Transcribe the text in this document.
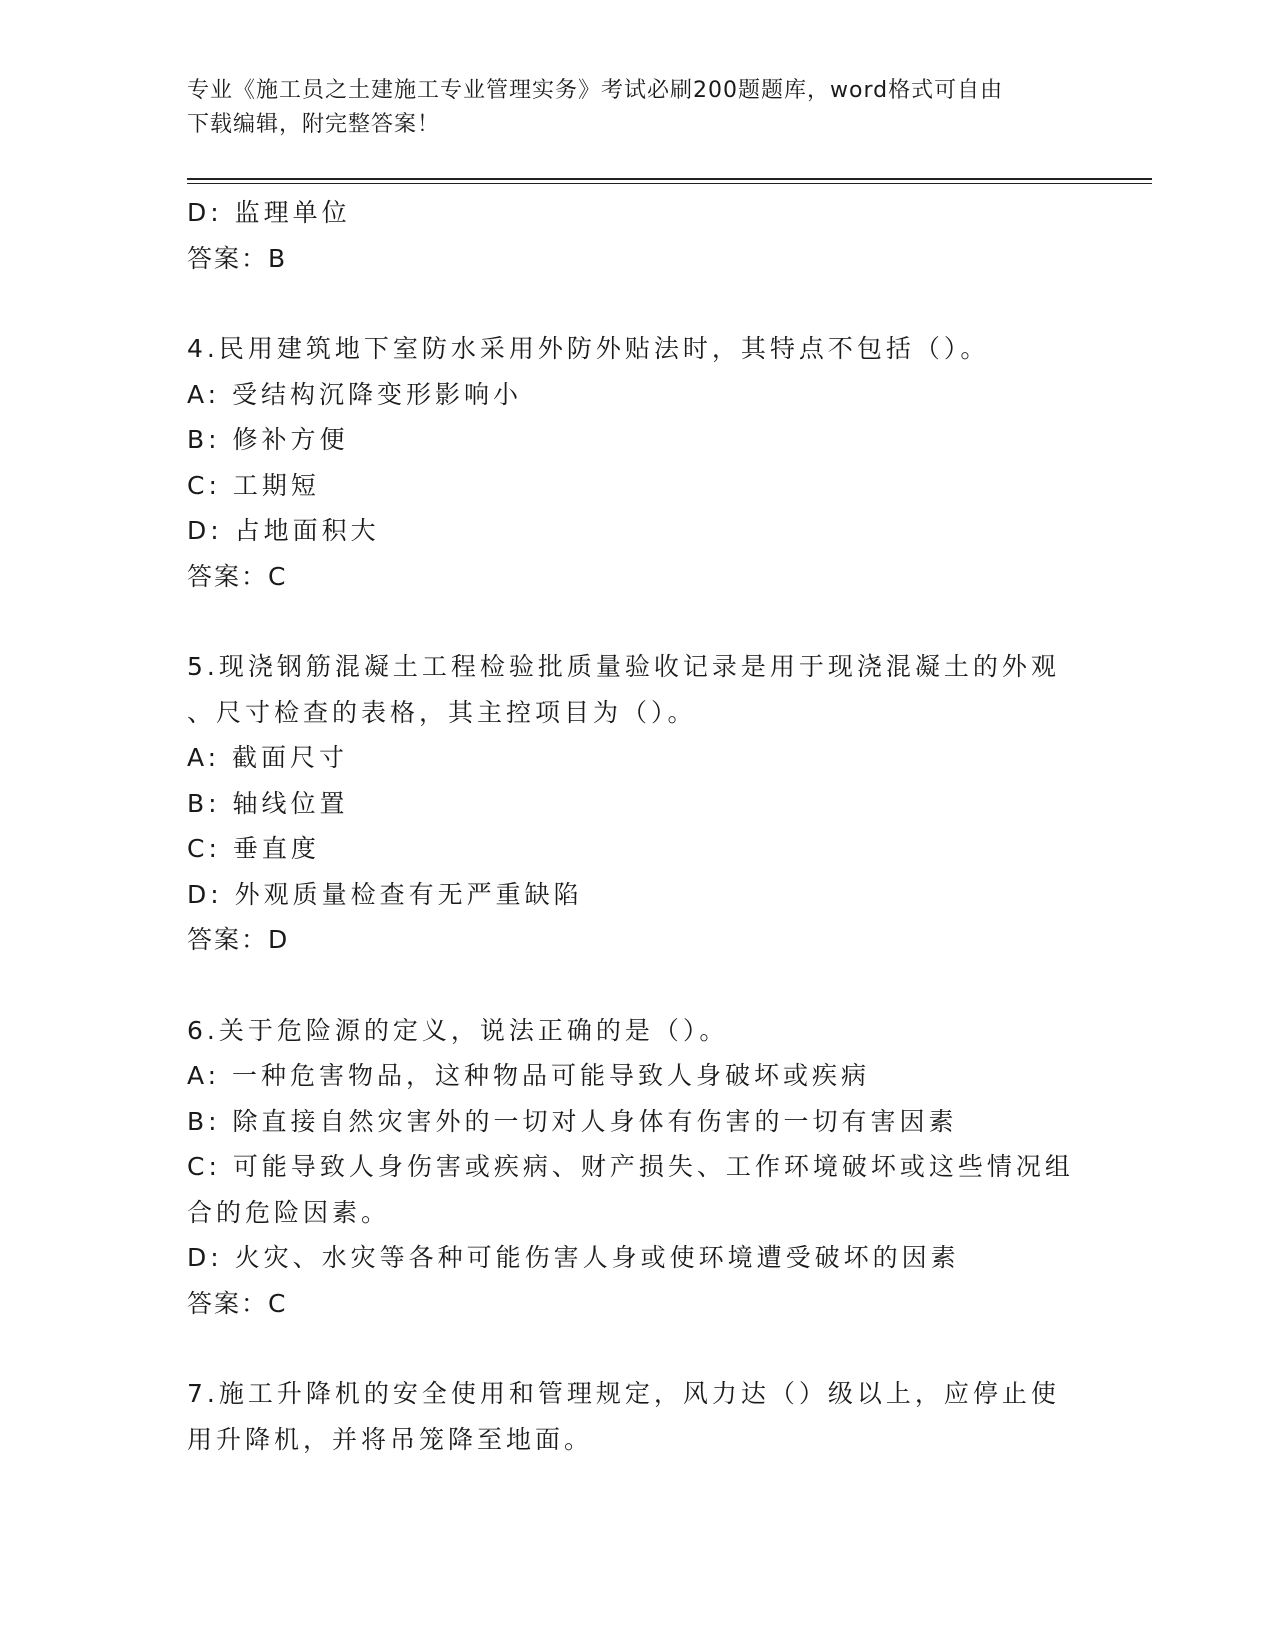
专业《施工员之土建施工专业管理实务》考试必刷200题题库，word格式可自由
下载编辑，附完整答案！
D: 监理单位
答案：B
4.民用建筑地下室防水采用外防外贴法时，其特点不包括（）。
A: 受结构沉降变形影响小
B: 修补方便
C: 工期短
D: 占地面积大
答案：C
5.现浇钢筋混凝土工程检验批质量验收记录是用于现浇混凝土的外观
、尺寸检查的表格，其主控项目为（）。
A: 截面尺寸
B: 轴线位置
C: 垂直度
D: 外观质量检查有无严重缺陷
答案：D
6.关于危险源的定义，说法正确的是（）。
A: 一种危害物品，这种物品可能导致人身破坏或疾病
B: 除直接自然灾害外的一切对人身体有伤害的一切有害因素
C: 可能导致人身伤害或疾病、财产损失、工作环境破坏或这些情况组
合的危险因素。
D: 火灾、水灾等各种可能伤害人身或使环境遭受破坏的因素
答案：C
7.施工升降机的安全使用和管理规定，风力达（）级以上，应停止使
用升降机，并将吊笼降至地面。
